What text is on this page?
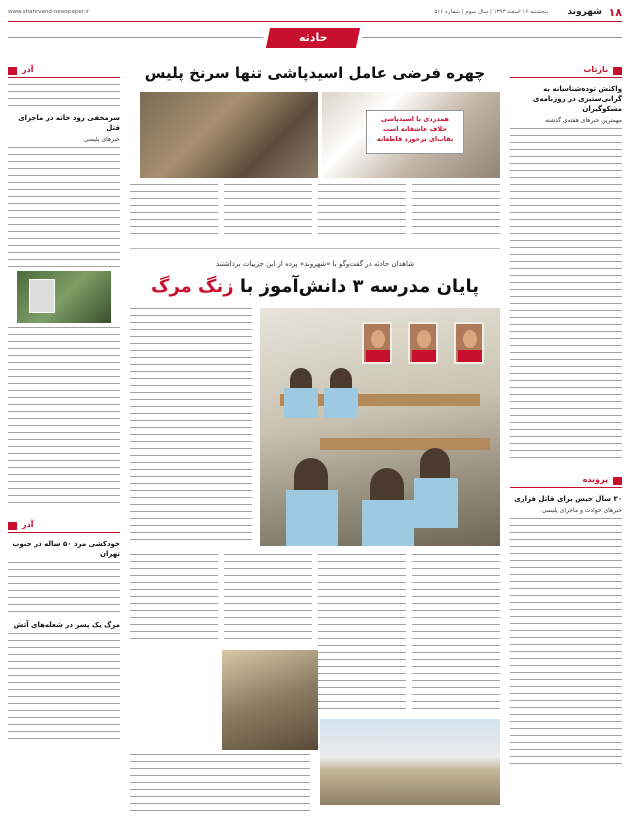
۱۸
شهروند
پنجشنبه ۱۶ اسفند ۱۳۹۳ | سال سوم | شماره ۵۱۶
www.shahrvand-newspaper.ir
حادثه
بازتاب
واکنش توده‌شناسانه به گرانی‌ستیزی در روزنامه‌ی مسکوگیران
مهمترین خبرهای هفته‌ی گذشته
پرونده
۳۰ سال حبس برای قاتل فراری
خبرهای حوادث و ماجرای پلیسی
آذر
سرمخفی رود خانه در ماجرای قتل
خبرهای پلیسی
آذر
خودکشی مرد ۵۰ ساله در جنوب تهران
مرگ یک پسر در شعله‌های آتش
چهره فرضی عامل اسیدپاشی تنها سرنخ پلیس
همدردی با اسیدپاشی
خلاف عاشقانه است
نقاب‌ای برخورد قاطعانه
شاهدان حادثه در گفت‌وگو با «شهروند» پرده از این جزییات برداشتند
پایان مدرسه ۳ دانش‌آموز با زنگ مرگ
